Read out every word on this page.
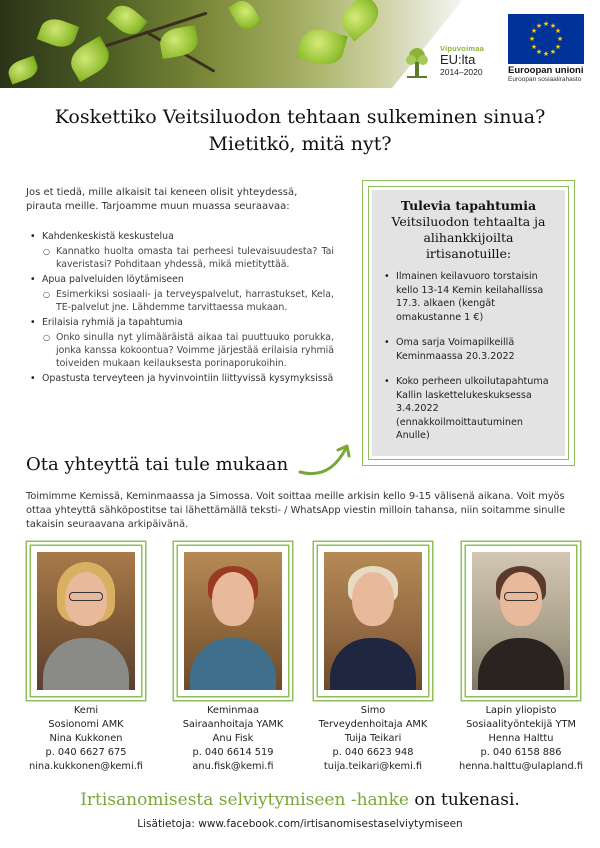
Vipuvoimaa
EU:lta
2014–2020
★ ★
★
★
★
★
★
★
★
★
★
★
Euroopan unioni
Euroopan sosiaalirahasto
Koskettiko Veitsiluodon tehtaan sulkeminen sinua?
Mietitkö, mitä nyt?
Jos et tiedä, mille alkaisit tai keneen olisit yhteydessä, pirauta meille. Tarjoamme muun muassa seuraavaa:
• Kahdenkeskistä keskustelua
○ Kannatko huolta omasta tai perheesi tulevaisuudesta? Tai kaveristasi? Pohditaan yhdessä, mikä mietityttää.
• Apua palveluiden löytämiseen
○ Esimerkiksi sosiaali- ja terveyspalvelut, harrastukset, Kela, TE-palvelut jne. Lähdemme tarvittaessa mukaan.
• Erilaisia ryhmiä ja tapahtumia
○ Onko sinulla nyt ylimääräistä aikaa tai puuttuuko porukka, jonka kanssa kokoontua? Voimme järjestää erilaisia ryhmiä toiveiden mukaan keilauksesta porinaporukoihin.
• Opastusta terveyteen ja hyvinvointiin liittyvissä kysymyksissä
Tulevia tapahtumia
Veitsiluodon tehtaalta ja alihankkijoilta irtisanotuille:
• Ilmainen keilavuoro torstaisin kello 13-14 Kemin keilahallissa 17.3. alkaen (kengät omakustanne 1 €)
• Oma sarja Voimapilkeillä Keminmaassa 20.3.2022
• Koko perheen ulkoilutapahtuma Kallin laskettelukeskuksessa 3.4.2022 (ennakkoilmoittautuminen Anulle)
Ota yhteyttä tai tule mukaan
Toimimme Kemissä, Keminmaassa ja Simossa. Voit soittaa meille arkisin kello 9-15 välisenä aikana. Voit myös ottaa yhteyttä sähköpostitse tai lähettämällä teksti- / WhatsApp viestin milloin tahansa, niin soitamme sinulle takaisin seuraavana arkipäivänä.
Kemi
Sosionomi AMK
Nina Kukkonen
p. 040 6627 675
nina.kukkonen@kemi.fi
Keminmaa
Sairaanhoitaja YAMK
Anu Fisk
p. 040 6614 519
anu.fisk@kemi.fi
Simo
Terveydenhoitaja AMK
Tuija Teikari
p. 040 6623 948
tuija.teikari@kemi.fi
Lapin yliopisto
Sosiaalityöntekijä YTM
Henna Halttu
p. 040 6158 886
henna.halttu@ulapland.fi
Irtisanomisesta selviytymiseen -hanke on tukenasi.
Lisätietoja: www.facebook.com/irtisanomisestaselviytymiseen
